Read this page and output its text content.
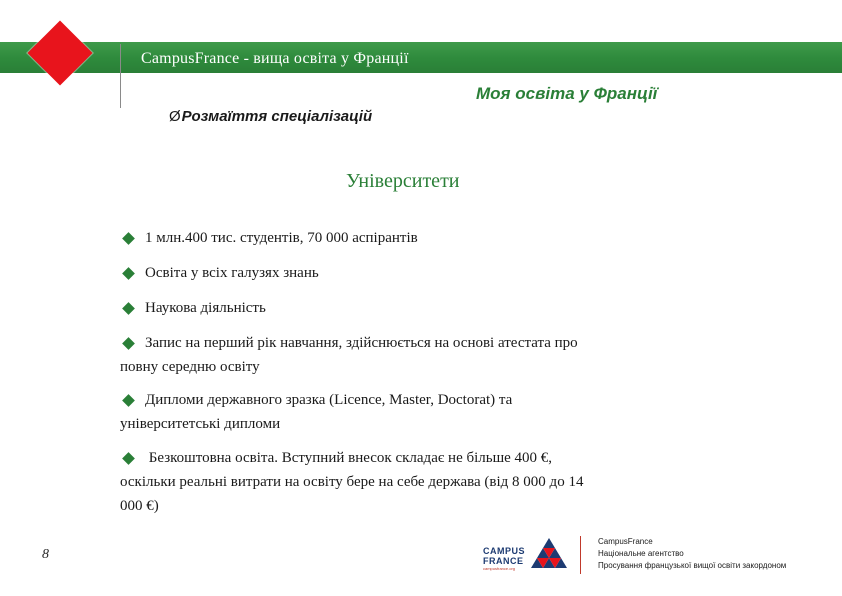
CampusFrance - вища освіта у Франції
Моя освіта у Франції
ØРозмаїття спеціалізацій
Університети
1 млн.400 тис. студентів, 70 000 аспірантів
Освіта у всіх галузях знань
Наукова діяльність
Запис на перший рік навчання, здійснюється на основі атестата про
повну середню освіту
Дипломи державного зразка (Licence, Master, Doctorat) та
університетські дипломи
Безкоштовна освіта. Вступний внесок складає не більше 400 €,
оскільки реальні витрати на освіту бере на себе держава (від 8 000 до 14
000 €)
8	CAMPUS
FRANCE
campusfrance.org
CampusFrance
Національне агентство
Просування французької вищої освіти закордоном
